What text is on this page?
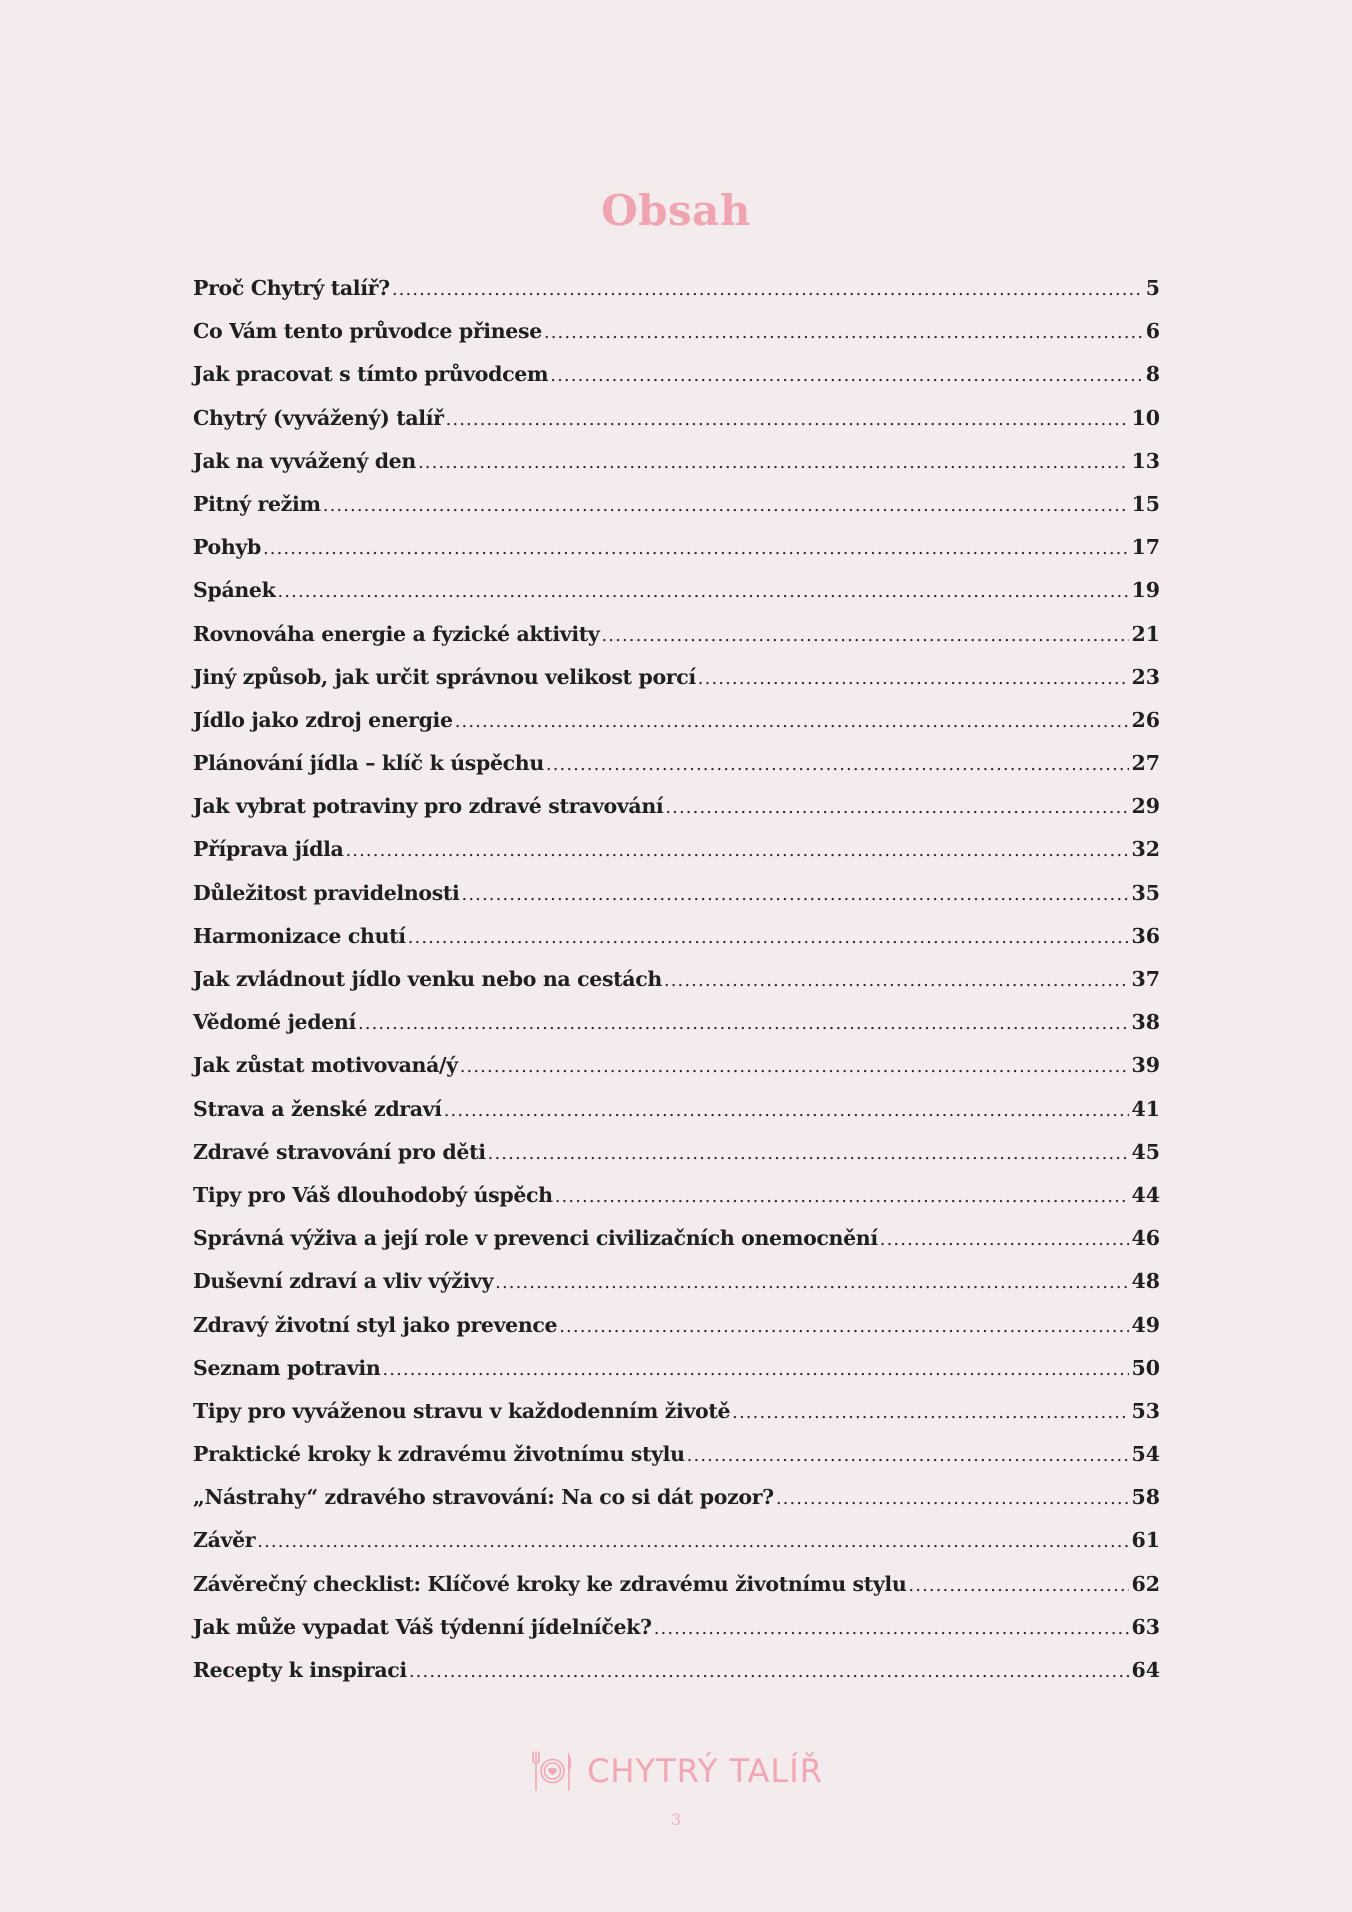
Obsah
Proč Chytrý talíř? .....	5
Co Vám tento průvodce přinese .....	6
Jak pracovat s tímto průvodcem .....	8
Chytrý (vyvážený) talíř .....	10
Jak na vyvážený den .....	13
Pitný režim .....	15
Pohyb .....	17
Spánek .....	19
Rovnováha energie a fyzické aktivity .....	21
Jiný způsob, jak určit správnou velikost porcí .....	23
Jídlo jako zdroj energie .....	26
Plánování jídla – klíč k úspěchu .....	27
Jak vybrat potraviny pro zdravé stravování .....	29
Příprava jídla .....	32
Důležitost pravidelnosti .....	35
Harmonizace chutí .....	36
Jak zvládnout jídlo venku nebo na cestách .....	37
Vědomé jedení .....	38
Jak zůstat motivovaná/ý .....	39
Strava a ženské zdraví .....	41
Zdravé stravování pro děti .....	45
Tipy pro Váš dlouhodobý úspěch .....	44
Správná výživa a její role v prevenci civilizačních onemocnění .....	46
Duševní zdraví a vliv výživy .....	48
Zdravý životní styl jako prevence .....	49
Seznam potravin .....	50
Tipy pro vyváženou stravu v každodenním životě .....	53
Praktické kroky k zdravému životnímu stylu .....	54
„Nástrahy“ zdravého stravování: Na co si dát pozor? .....	58
Závěr .....	61
Závěrečný checklist: Klíčové kroky ke zdravému životnímu stylu .....	62
Jak může vypadat Váš týdenní jídelníček? .....	63
Recepty k inspiraci .....	64
CHYTRÝ TALÍŘ
3
